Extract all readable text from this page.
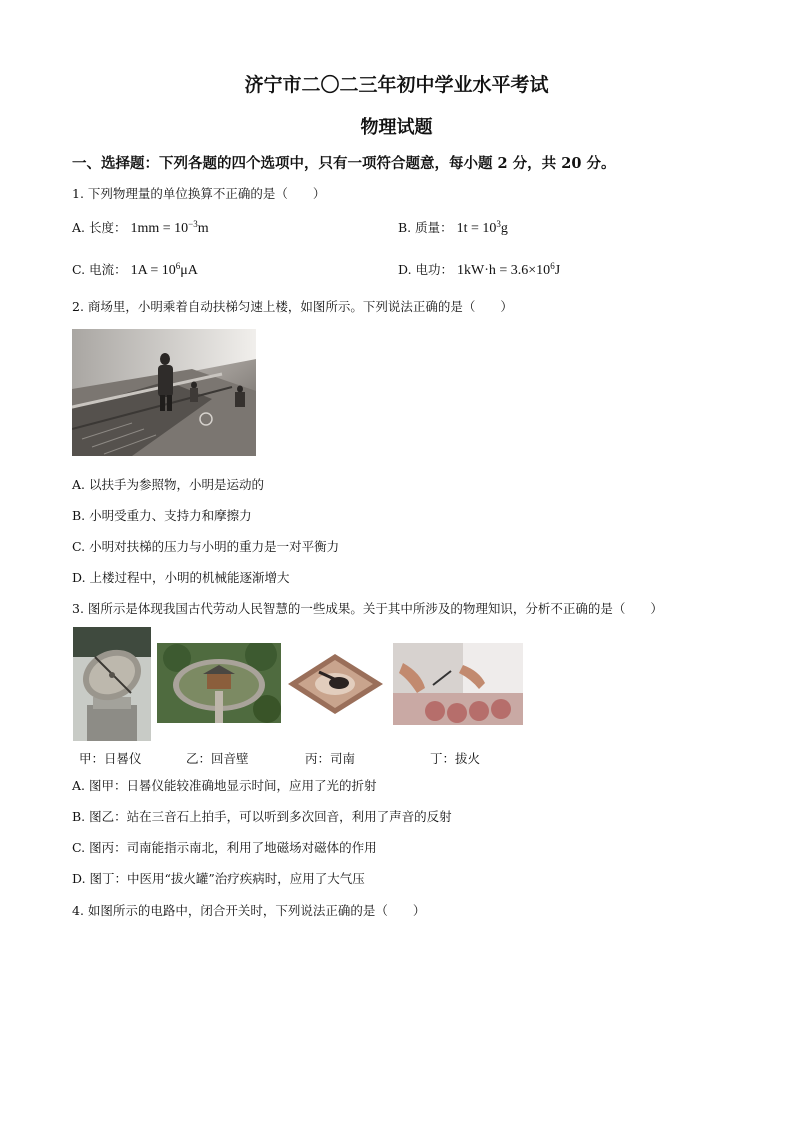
济宁市二〇二三年初中学业水平考试
物理试题
一、选择题：下列各题的四个选项中，只有一项符合题意，每小题 2 分，共 20 分。
1. 下列物理量的单位换算不正确的是（　　）
A. 长度： $1mm = 10^{-3}m$	B. 质量： $1t = 10^3g$
C. 电流： $1A = 10^6\mu A$	D. 电功： $1kW\cdot h = 3.6\times 10^6J$
2. 商场里，小明乘着自动扶梯匀速上楼，如图所示。下列说法正确的是（　　）
A. 以扶手为参照物，小明是运动的
B. 小明受重力、支持力和摩擦力
C. 小明对扶梯的压力与小明的重力是一对平衡力
D. 上楼过程中，小明的机械能逐渐增大
3. 图所示是体现我国古代劳动人民智慧的一些成果。关于其中所涉及的物理知识，分析不正确的是（　　）
甲：日晷仪	乙：回音壁	丙：司南	丁：拔火
A. 图甲：日晷仪能较准确地显示时间，应用了光的折射
B. 图乙：站在三音石上拍手，可以听到多次回音，利用了声音的反射
C. 图丙：司南能指示南北，利用了地磁场对磁体的作用
D. 图丁：中医用“拔火罐”治疗疾病时，应用了大气压
4. 如图所示的电路中，闭合开关时，下列说法正确的是（　　）
